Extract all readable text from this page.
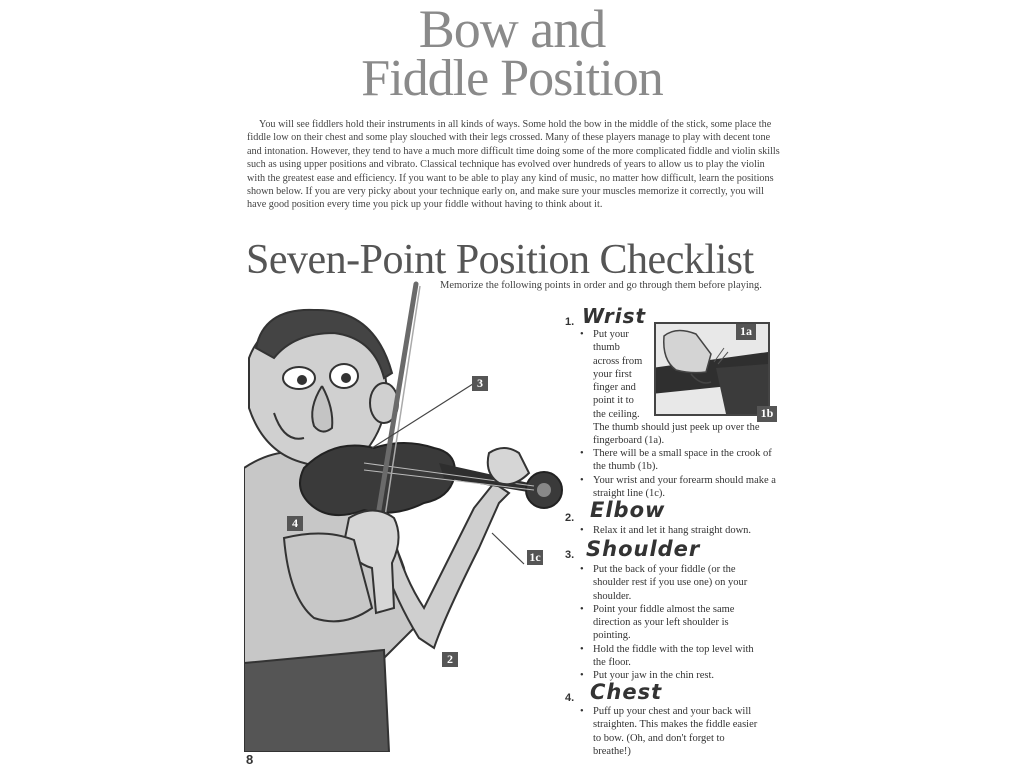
Bow and
Fiddle Position

You will see fiddlers hold their instruments in all kinds of ways. Some hold the bow in the middle of the stick, some place the fiddle low on their chest and some play slouched with their legs crossed. Many of these players manage to play with decent tone and intonation. However, they tend to have a much more difficult time doing some of the more complicated fiddle and violin skills such as using upper positions and vibrato. Classical technique has evolved over hundreds of years to allow us to play the violin with the greatest ease and efficiency. If you want to be able to play any kind of music, no matter how difficult, learn the positions shown below. If you are very picky about your technique early on, and make sure your muscles memorize it correctly, you will have good position every time you pick up your fiddle without having to think about it.

Seven-Point Position Checklist
Memorize the following points in order and go through them before playing.
3
4
1c
2
1a
1b
1. Wrist
• Put your
thumb
across from
your first
finger and
point it to
the ceiling.
The thumb should just peek up over the fingerboard (1a).
• There will be a small space in the crook of the thumb (1b).
• Your wrist and your forearm should make a straight line (1c).
2. Elbow
• Relax it and let it hang straight down.
3. Shoulder
• Put the back of your fiddle (or the shoulder rest if you use one) on your shoulder.
• Point your fiddle almost the same direction as your left shoulder is pointing.
• Hold the fiddle with the top level with the floor.
• Put your jaw in the chin rest.
4. Chest
• Puff up your chest and your back will straighten. This makes the fiddle easier to bow. (Oh, and don't forget to breathe!)
8
